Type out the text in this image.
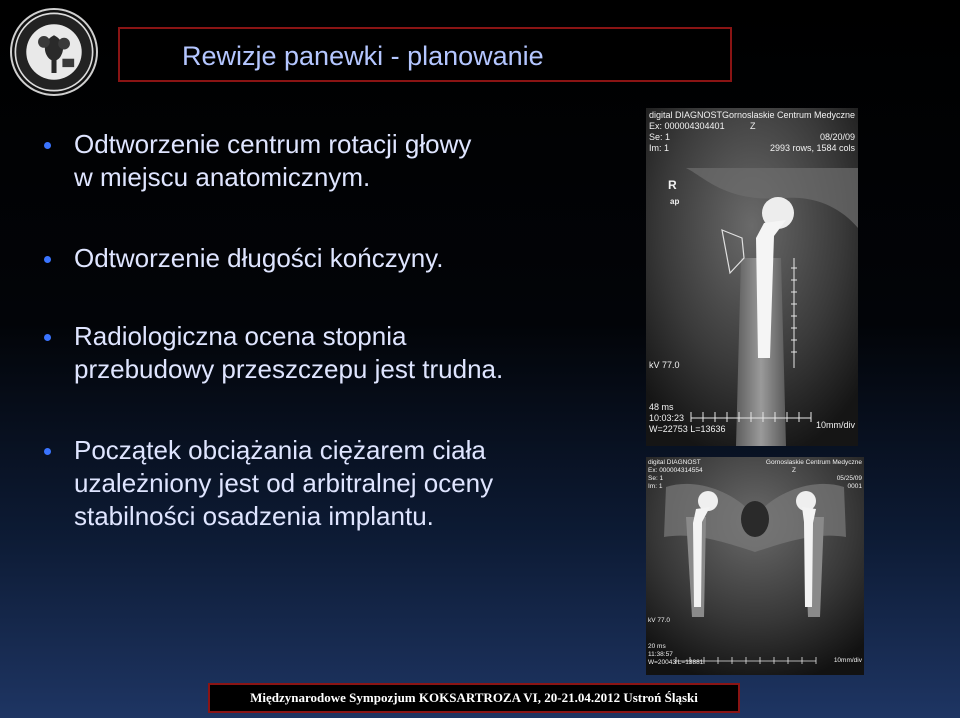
Rewizje panewki - planowanie
Odtworzenie centrum rotacji głowy
w miejscu anatomicznym.
Odtworzenie długości kończyny.
Radiologiczna ocena stopnia
przebudowy przeszczepu jest trudna.
Początek obciążania ciężarem ciała
uzależniony jest od arbitralnej oceny
stabilności osadzenia implantu.
digital DIAGNOST
Ex: 000004304401
Se: 1
Im: 1
Gornoslaskie Centrum Medyczne
Z
08/20/09
2993 rows, 1584 cols
R
ap
kV 77.0
48 ms
10:03:23
W=22753 L=13636	10mm/div
digital DIAGNOST
Ex: 000004314554
Se: 1
Im: 1
Gornoslaskie Centrum Medyczne
Z
05/25/09
0001
kV 77.0
20 ms
11:38:57
W=20043 L=13881	10mm/div
Międzynarodowe Sympozjum KOKSARTROZA VI, 20-21.04.2012 Ustroń Śląski
